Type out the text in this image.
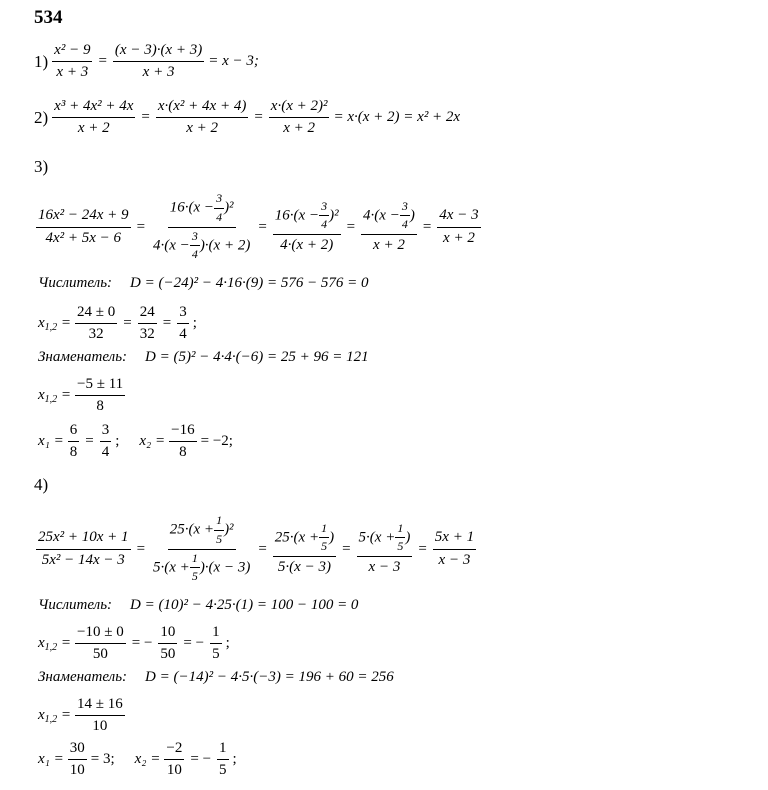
534
$1) \frac{\text{x² − 9}}{x + 3} = \frac{(x - 3)\cdot(x + 3)}{x + 3} = x - 3$;
$2) \frac{\text{x³ + 4x² + 4x}}{x + 2} = \frac{\text{x·(x² + 4x + 4)}}{x + 2} = \frac{\text{x·(x + 2)²}}{x + 2} = x\cdot(x + 2) = x^2 + 2x$
3)
$\frac{\text{16x² − 24x + 9}}{\text{4x² + 5x − 6}} = \frac{16\cdot(x - \frac{3}{4} )^2}{4\cdot(x - \frac{3}{4} )\cdot(x + 2)} = \frac{16\cdot(x - \frac{3}{4} )^2}{4\cdot(x + 2)} = \frac{4\cdot(x - \frac{3}{4} )}{x + 2} = \frac{4x - 3}{x + 2}$
Числитель: D = (−24)² − 4·16·(9) = 576 − 576 = 0
$x_{1,2} = \frac{24 \pm 0}{32} = \frac{24}{32} = \frac{3}{4}$ ;
Знаменатель: D = (5)² − 4·4·(−6) = 25 + 96 = 121
$x_{1,2} = \frac{-5 \pm 11}{8}$
$x_1 = \frac{6}{8} = \frac{3}{4}$ ; $x_2 = \frac{-16}{8} = -2$;
4)
$\frac{\text{25x² + 10x + 1}}{\text{5x² − 14x − 3}} = \frac{25\cdot(x + \frac{1}{5} )^2}{5\cdot(x + \frac{1}{5} )\cdot(x - 3)} = \frac{25\cdot(x + \frac{1}{5} )}{5\cdot(x - 3)} = \frac{5\cdot(x + \frac{1}{5} )}{x - 3} = \frac{5x + 1}{x - 3}$
Числитель: D = (10)² − 4·25·(1) = 100 − 100 = 0
$x_{1,2} = \frac{-10 \pm 0}{50}$ = − $\frac{10}{50}$ = − $\frac{1}{5}$ ;
Знаменатель: D = (−14)² − 4·5·(−3) = 196 + 60 = 256
$x_{1,2} = \frac{14 \pm 16}{10}$
$x_1 = \frac{30}{10} = 3$; $x_2 = \frac{-2}{10}$ = − $\frac{1}{5}$ ;
